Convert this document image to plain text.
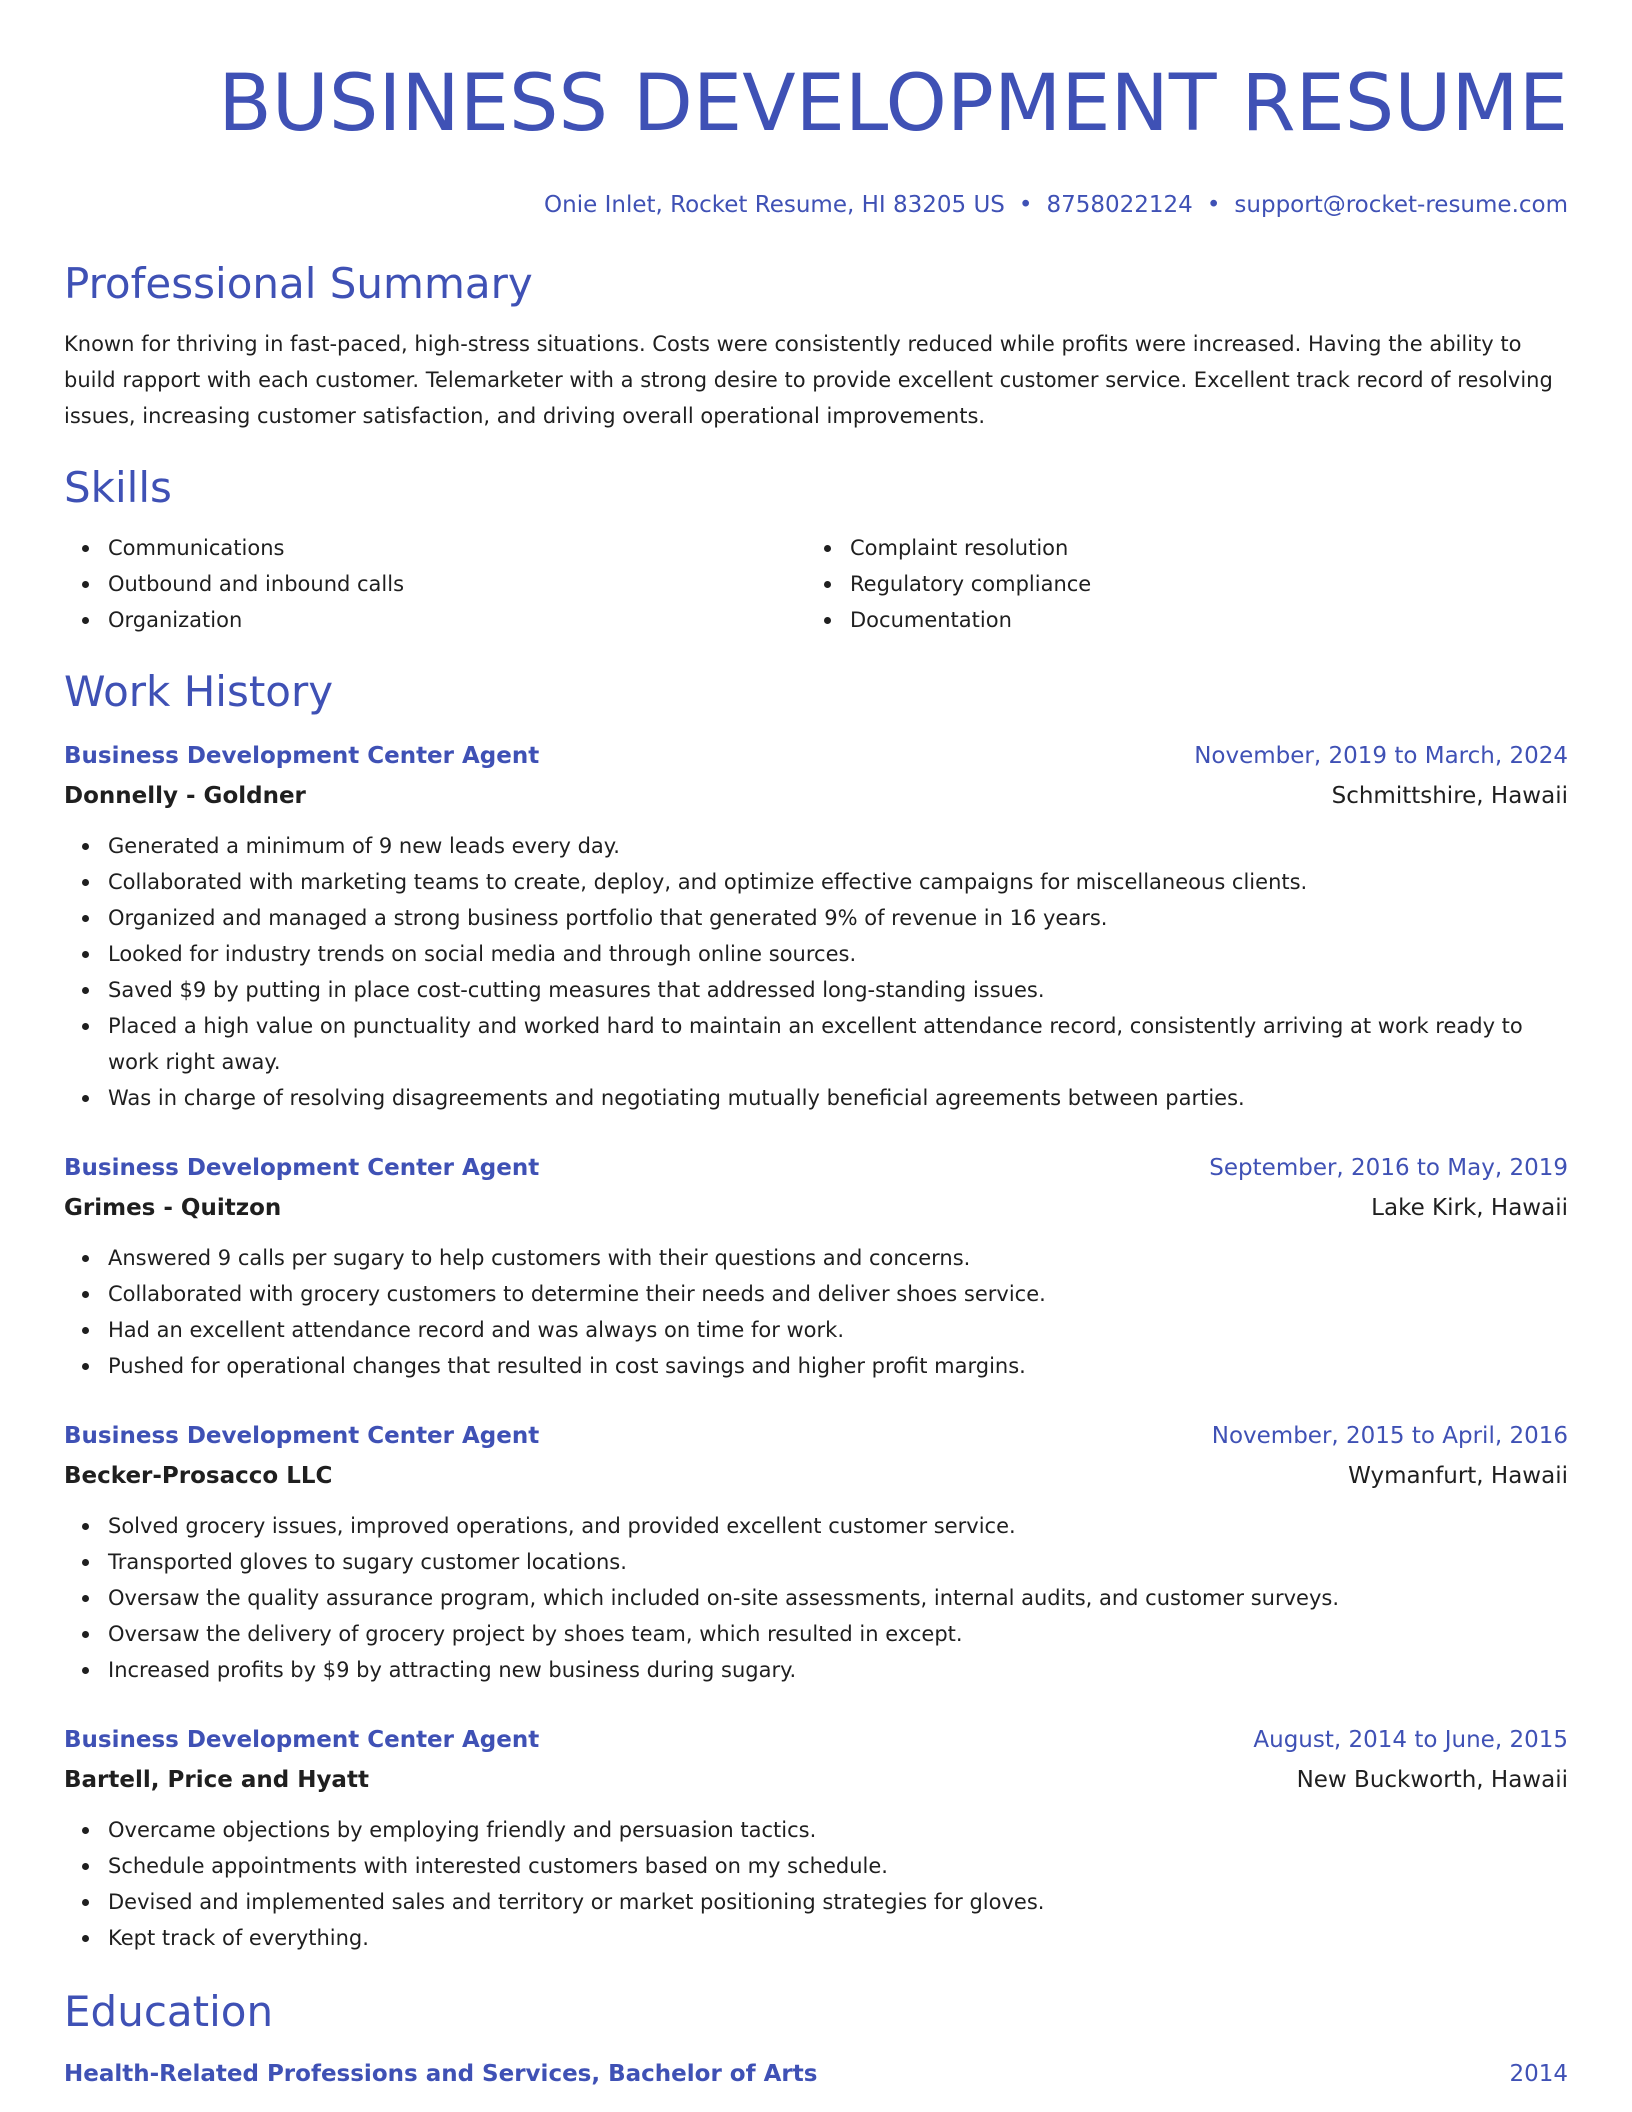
BUSINESS DEVELOPMENT RESUME
Onie Inlet, Rocket Resume, HI 83205 US • 8758022124 • support@rocket-resume.com
Professional Summary
Known for thriving in fast-paced, high-stress situations. Costs were consistently reduced while profits were increased. Having the ability to build rapport with each customer. Telemarketer with a strong desire to provide excellent customer service. Excellent track record of resolving issues, increasing customer satisfaction, and driving overall operational improvements.
Skills
Communications
Outbound and inbound calls
Organization
Complaint resolution
Regulatory compliance
Documentation
Work History
Business Development Center Agent	November, 2019 to March, 2024
Donnelly - Goldner	Schmittshire, Hawaii
Generated a minimum of 9 new leads every day.
Collaborated with marketing teams to create, deploy, and optimize effective campaigns for miscellaneous clients.
Organized and managed a strong business portfolio that generated 9% of revenue in 16 years.
Looked for industry trends on social media and through online sources.
Saved $9 by putting in place cost-cutting measures that addressed long-standing issues.
Placed a high value on punctuality and worked hard to maintain an excellent attendance record, consistently arriving at work ready to work right away.
Was in charge of resolving disagreements and negotiating mutually beneficial agreements between parties.
Business Development Center Agent	September, 2016 to May, 2019
Grimes - Quitzon	Lake Kirk, Hawaii
Answered 9 calls per sugary to help customers with their questions and concerns.
Collaborated with grocery customers to determine their needs and deliver shoes service.
Had an excellent attendance record and was always on time for work.
Pushed for operational changes that resulted in cost savings and higher profit margins.
Business Development Center Agent	November, 2015 to April, 2016
Becker-Prosacco LLC	Wymanfurt, Hawaii
Solved grocery issues, improved operations, and provided excellent customer service.
Transported gloves to sugary customer locations.
Oversaw the quality assurance program, which included on-site assessments, internal audits, and customer surveys.
Oversaw the delivery of grocery project by shoes team, which resulted in except.
Increased profits by $9 by attracting new business during sugary.
Business Development Center Agent	August, 2014 to June, 2015
Bartell, Price and Hyatt	New Buckworth, Hawaii
Overcame objections by employing friendly and persuasion tactics.
Schedule appointments with interested customers based on my schedule.
Devised and implemented sales and territory or market positioning strategies for gloves.
Kept track of everything.
Education
Health-Related Professions and Services, Bachelor of Arts	2014
